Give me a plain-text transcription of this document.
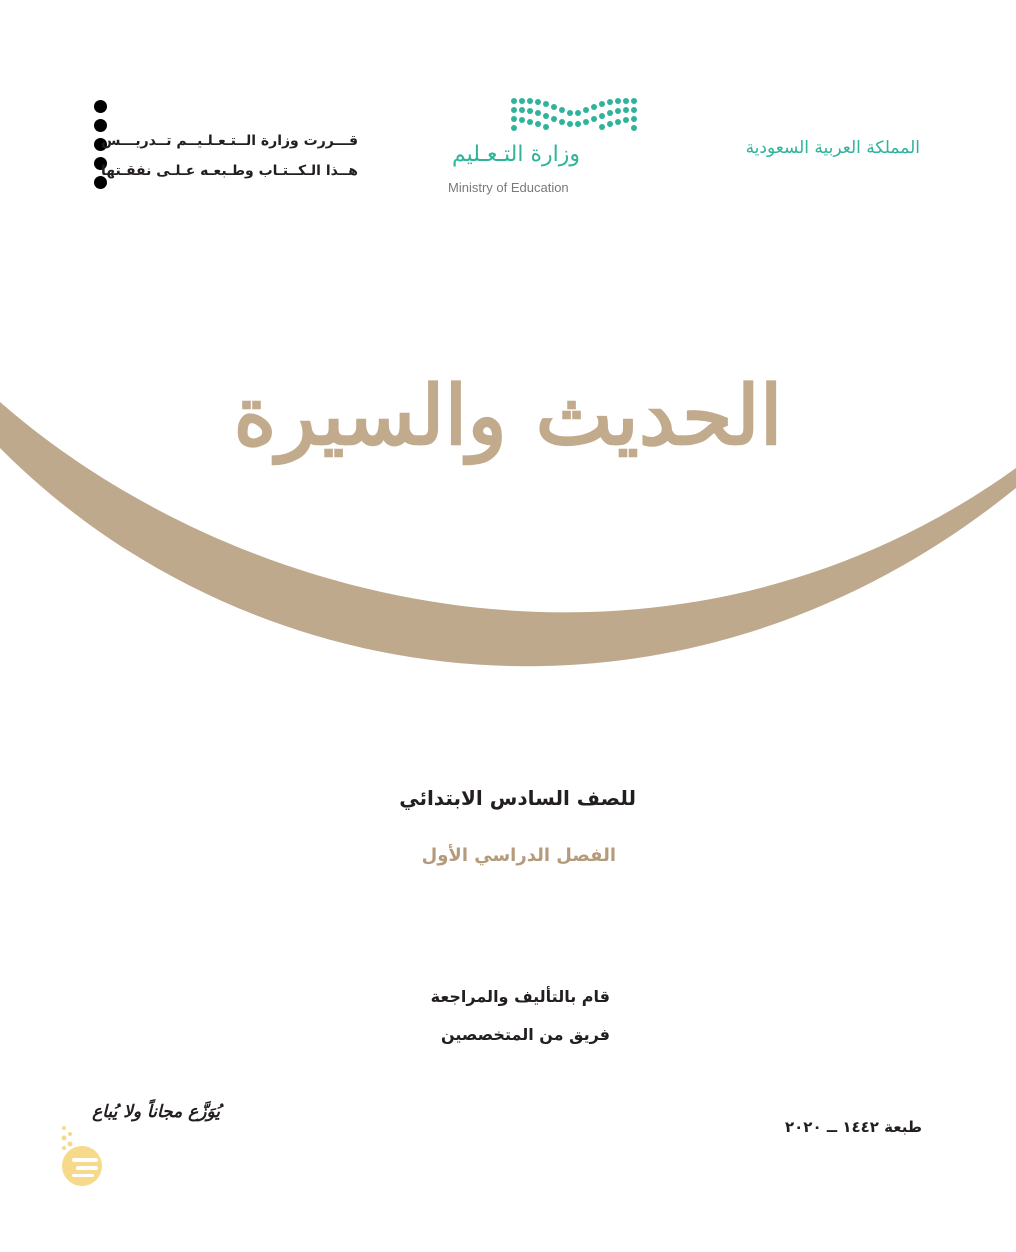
المملكة العربية السعودية
وزارة التـعـليم
Ministry of Education
قـــررت وزارة الــتـعـلـيــم تــدريـــس
هــذا الـكــتـاب وطـبعـه عـلـى نفقـتها
الحديث والسيرة
للصف السادس الابتدائي
الفصل الدراسي الأول
قام بالتأليف والمراجعة
فريق من المتخصصين
طبعة ١٤٤٢ ــ ٢٠٢٠
يُوَزَّع مجاناً ولا يُباع
